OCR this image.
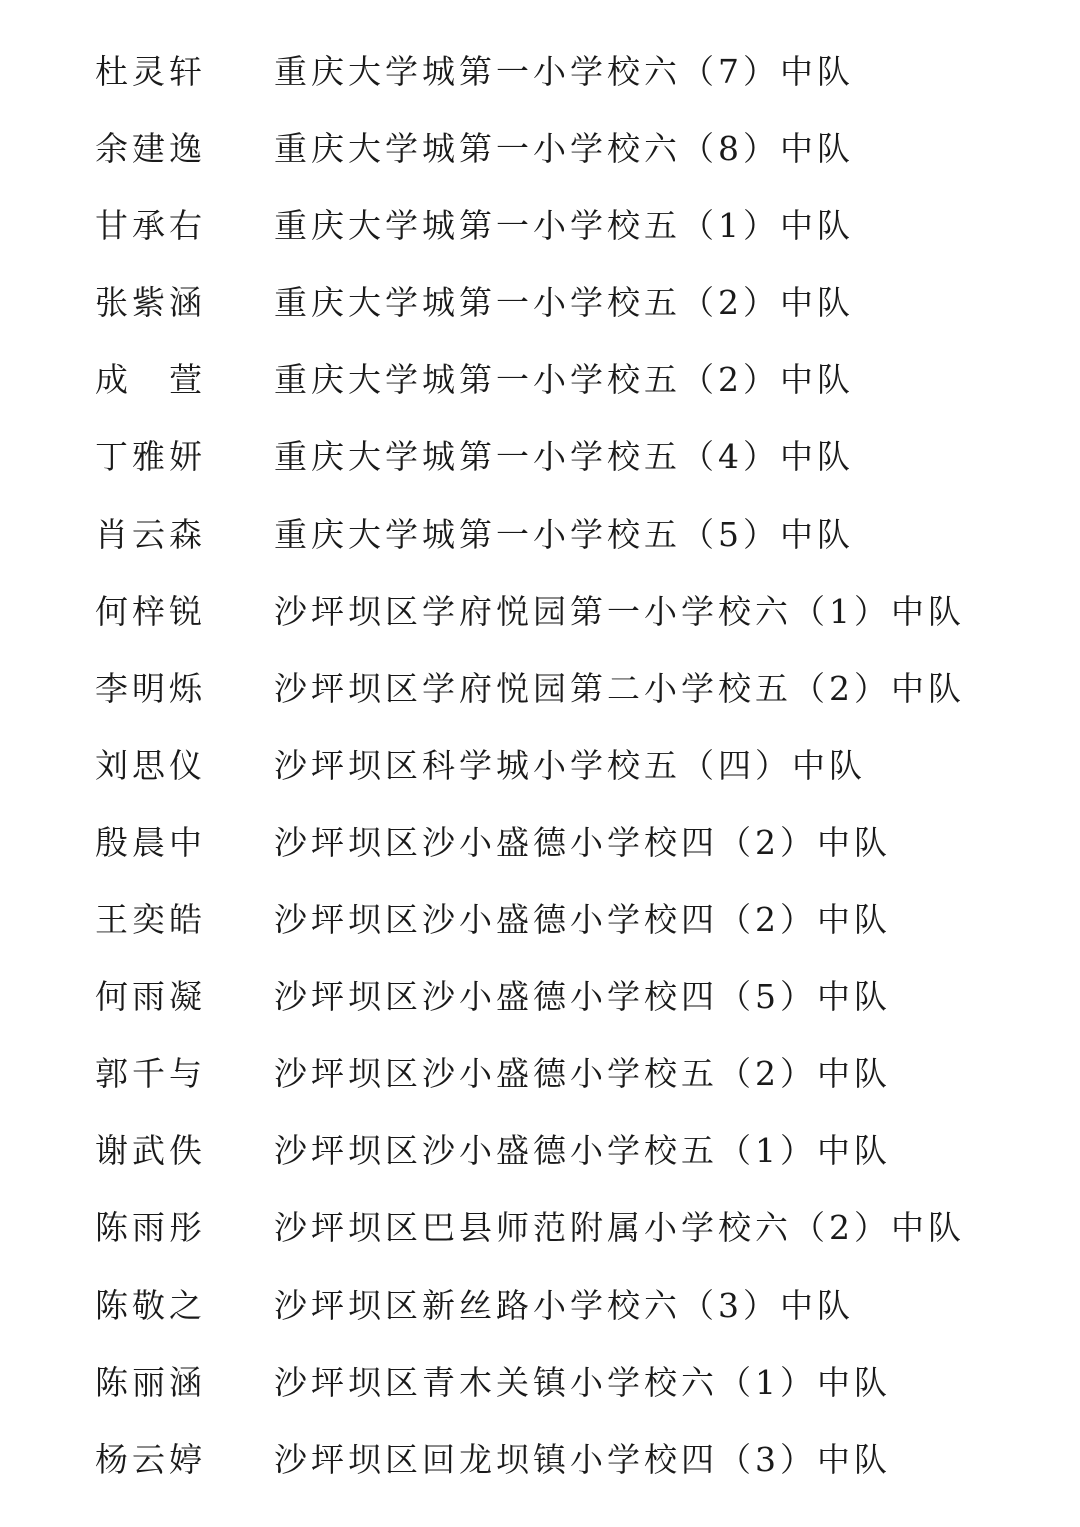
杜灵轩 重庆大学城第一小学校六（7）中队
余建逸 重庆大学城第一小学校六（8）中队
甘承右 重庆大学城第一小学校五（1）中队
张紫涵 重庆大学城第一小学校五（2）中队
成　萱 重庆大学城第一小学校五（2）中队
丁雅妍 重庆大学城第一小学校五（4）中队
肖云森 重庆大学城第一小学校五（5）中队
何梓锐 沙坪坝区学府悦园第一小学校六（1）中队
李明烁 沙坪坝区学府悦园第二小学校五（2）中队
刘思仪 沙坪坝区科学城小学校五（四）中队
殷晨中 沙坪坝区沙小盛德小学校四（2）中队
王奕皓 沙坪坝区沙小盛德小学校四（2）中队
何雨凝 沙坪坝区沙小盛德小学校四（5）中队
郭千与 沙坪坝区沙小盛德小学校五（2）中队
谢武佚 沙坪坝区沙小盛德小学校五（1）中队
陈雨彤 沙坪坝区巴县师范附属小学校六（2）中队
陈敬之 沙坪坝区新丝路小学校六（3）中队
陈丽涵 沙坪坝区青木关镇小学校六（1）中队
杨云婷 沙坪坝区回龙坝镇小学校四（3）中队
